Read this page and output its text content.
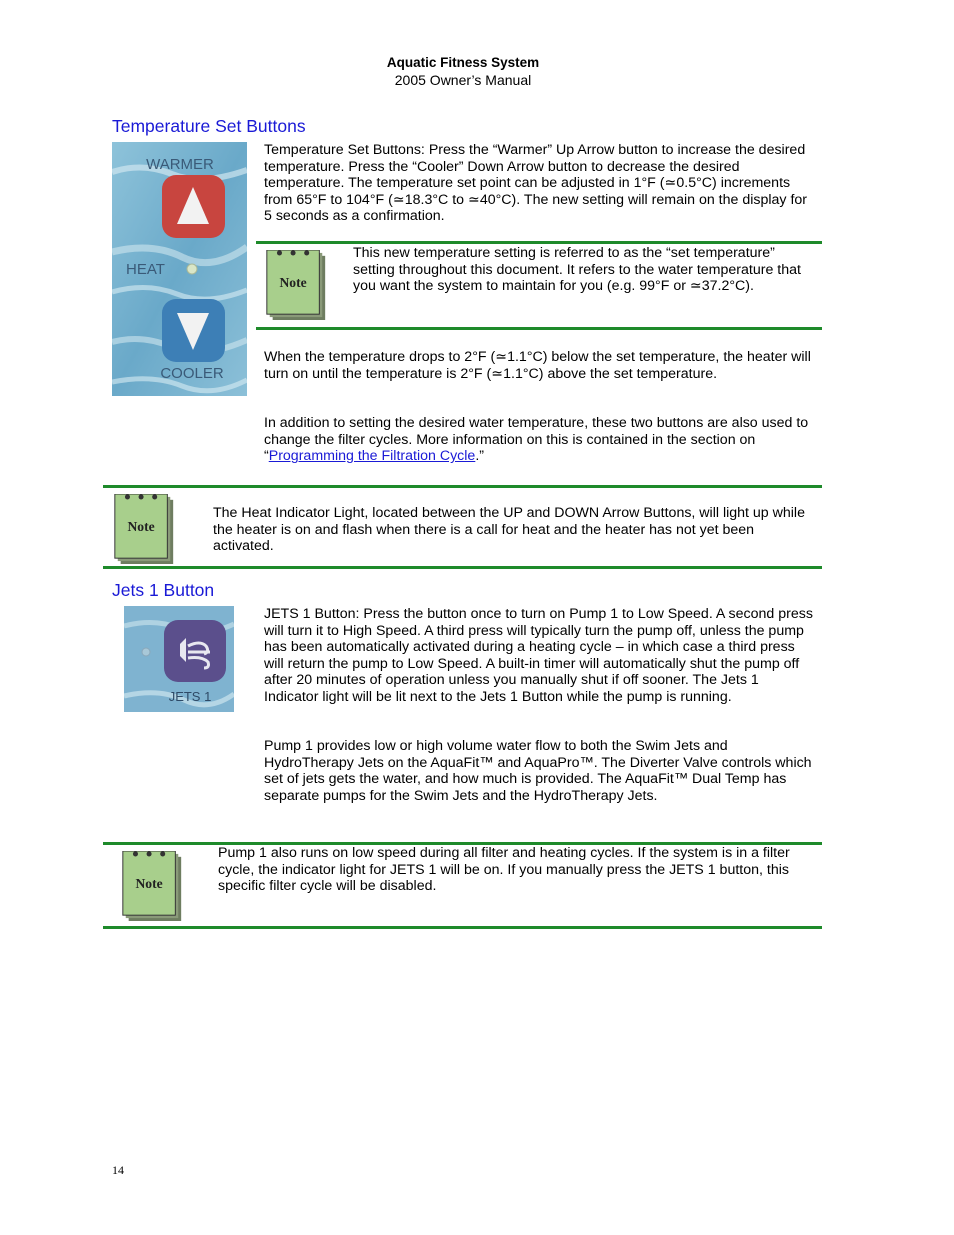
Aquatic Fitness System
2005 Owner’s Manual
Temperature Set Buttons
WARMER
HEAT
COOLER

Temperature Set Buttons: Press the “Warmer” Up Arrow button to increase the desired temperature. Press the “Cooler” Down Arrow button to decrease the desired temperature. The temperature set point can be adjusted in 1°F (≃0.5°C) increments from 65°F to 104°F (≃18.3°C to ≃40°C). The new setting will remain on the display for 5 seconds as a confirmation.

Note

This new temperature setting is referred to as the “set temperature” setting throughout this document. It refers to the water temperature that you want the system to maintain for you (e.g. 99°F or ≃37.2°C).

When the temperature drops to 2°F (≃1.1°C) below the set temperature, the heater will turn on until the temperature is 2°F (≃1.1°C) above the set temperature.

In addition to setting the desired water temperature, these two buttons are also used to change the filter cycles. More information on this is contained in the section on “Programming the Filtration Cycle.”

Note

The Heat Indicator Light, located between the UP and DOWN Arrow Buttons, will light up while the heater is on and flash when there is a call for heat and the heater has not yet been activated.

Jets 1 Button
JETS 1

JETS 1 Button: Press the button once to turn on Pump 1 to Low Speed. A second press will turn it to High Speed. A third press will typically turn the pump off, unless the pump has been automatically activated during a heating cycle – in which case a third press will return the pump to Low Speed. A built-in timer will automatically shut the pump off after 20 minutes of operation unless you manually shut if off sooner. The Jets 1 Indicator light will be lit next to the Jets 1 Button while the pump is running.

Pump 1 provides low or high volume water flow to both the Swim Jets and HydroTherapy Jets on the AquaFit™ and AquaPro™. The Diverter Valve controls which set of jets gets the water, and how much is provided. The AquaFit™ Dual Temp has separate pumps for the Swim Jets and the HydroTherapy Jets.

Note

Pump 1 also runs on low speed during all filter and heating cycles. If the system is in a filter cycle, the indicator light for JETS 1 will be on. If you manually press the JETS 1 button, this specific filter cycle will be disabled.

14
